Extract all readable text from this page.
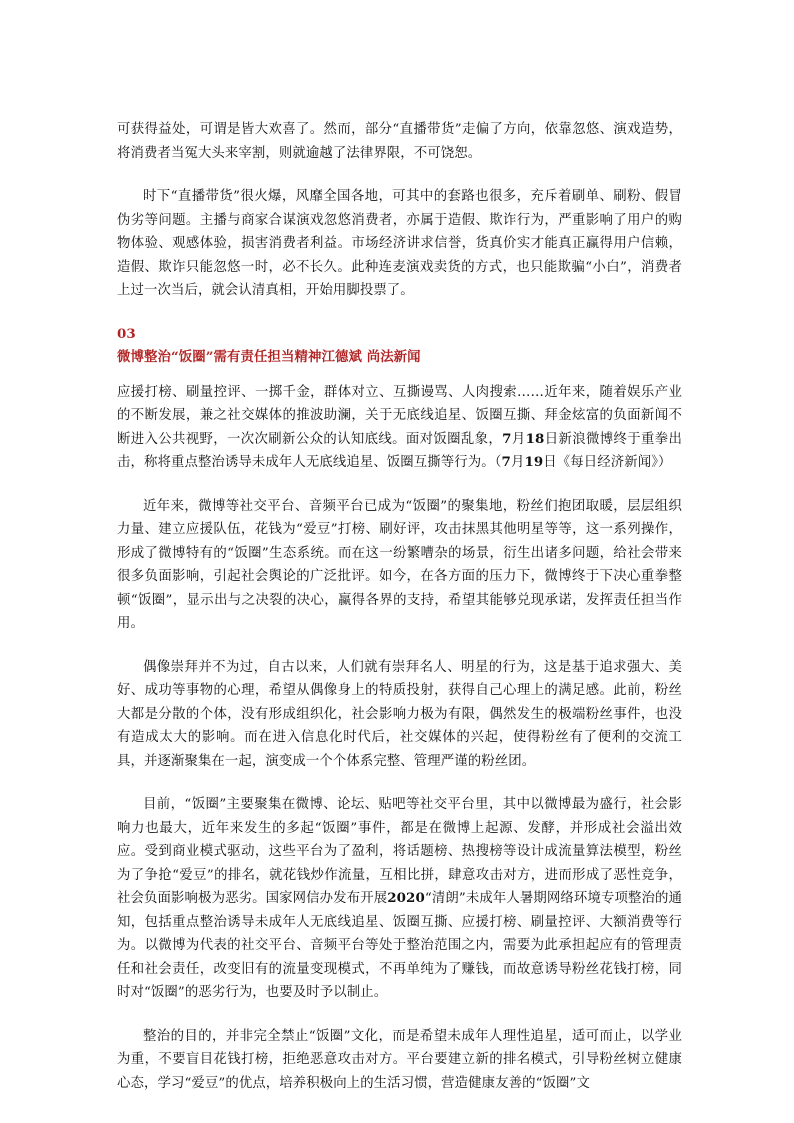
可获得益处，可谓是皆大欢喜了。然而，部分“直播带货”走偏了方向，依靠忽悠、演戏造势，将消费者当冤大头来宰割，则就逾越了法律界限，不可饶恕。

时下“直播带货”很火爆，风靡全国各地，可其中的套路也很多，充斥着刷单、刷粉、假冒伪劣等问题。主播与商家合谋演戏忽悠消费者，亦属于造假、欺诈行为，严重影响了用户的购物体验、观感体验，损害消费者利益。市场经济讲求信誉，货真价实才能真正赢得用户信赖，造假、欺诈只能忽悠一时，必不长久。此种连麦演戏卖货的方式，也只能欺骗“小白”，消费者上过一次当后，就会认清真相，开始用脚投票了。

03

微博整治“饭圈”需有责任担当精神江德斌 尚法新闻

应援打榜、刷量控评、一掷千金，群体对立、互撕谩骂、人肉搜索……近年来，随着娱乐产业的不断发展，兼之社交媒体的推波助澜，关于无底线追星、饭圈互撕、拜金炫富的负面新闻不断进入公共视野，一次次刷新公众的认知底线。面对饭圈乱象，7月18日新浪微博终于重拳出击，称将重点整治诱导未成年人无底线追星、饭圈互撕等行为。（7月19日《每日经济新闻》）

近年来，微博等社交平台、音频平台已成为“饭圈”的聚集地，粉丝们抱团取暖，层层组织力量、建立应援队伍，花钱为“爱豆”打榜、刷好评，攻击抹黑其他明星等等，这一系列操作，形成了微博特有的“饭圈”生态系统。而在这一纷繁嘈杂的场景，衍生出诸多问题，给社会带来很多负面影响，引起社会舆论的广泛批评。如今，在各方面的压力下，微博终于下决心重拳整顿“饭圈”，显示出与之决裂的决心，赢得各界的支持，希望其能够兑现承诺，发挥责任担当作用。

偶像崇拜并不为过，自古以来，人们就有崇拜名人、明星的行为，这是基于追求强大、美好、成功等事物的心理，希望从偶像身上的特质投射，获得自己心理上的满足感。此前，粉丝大都是分散的个体，没有形成组织化，社会影响力极为有限，偶然发生的极端粉丝事件，也没有造成太大的影响。而在进入信息化时代后，社交媒体的兴起，使得粉丝有了便利的交流工具，并逐渐聚集在一起，演变成一个个体系完整、管理严谨的粉丝团。

目前，“饭圈”主要聚集在微博、论坛、贴吧等社交平台里，其中以微博最为盛行，社会影响力也最大，近年来发生的多起“饭圈”事件，都是在微博上起源、发酵，并形成社会溢出效应。受到商业模式驱动，这些平台为了盈利，将话题榜、热搜榜等设计成流量算法模型，粉丝为了争抢“爱豆”的排名，就花钱炒作流量，互相比拼，肆意攻击对方，进而形成了恶性竞争，社会负面影响极为恶劣。国家网信办发布开展2020“清朗”未成年人暑期网络环境专项整治的通知，包括重点整治诱导未成年人无底线追星、饭圈互撕、应援打榜、刷量控评、大额消费等行为。以微博为代表的社交平台、音频平台等处于整治范围之内，需要为此承担起应有的管理责任和社会责任，改变旧有的流量变现模式，不再单纯为了赚钱，而故意诱导粉丝花钱打榜，同时对“饭圈”的恶劣行为，也要及时予以制止。

整治的目的，并非完全禁止“饭圈”文化，而是希望未成年人理性追星，适可而止，以学业为重，不要盲目花钱打榜，拒绝恶意攻击对方。平台要建立新的排名模式，引导粉丝树立健康心态，学习“爱豆”的优点，培养积极向上的生活习惯，营造健康友善的“饭圈”文
